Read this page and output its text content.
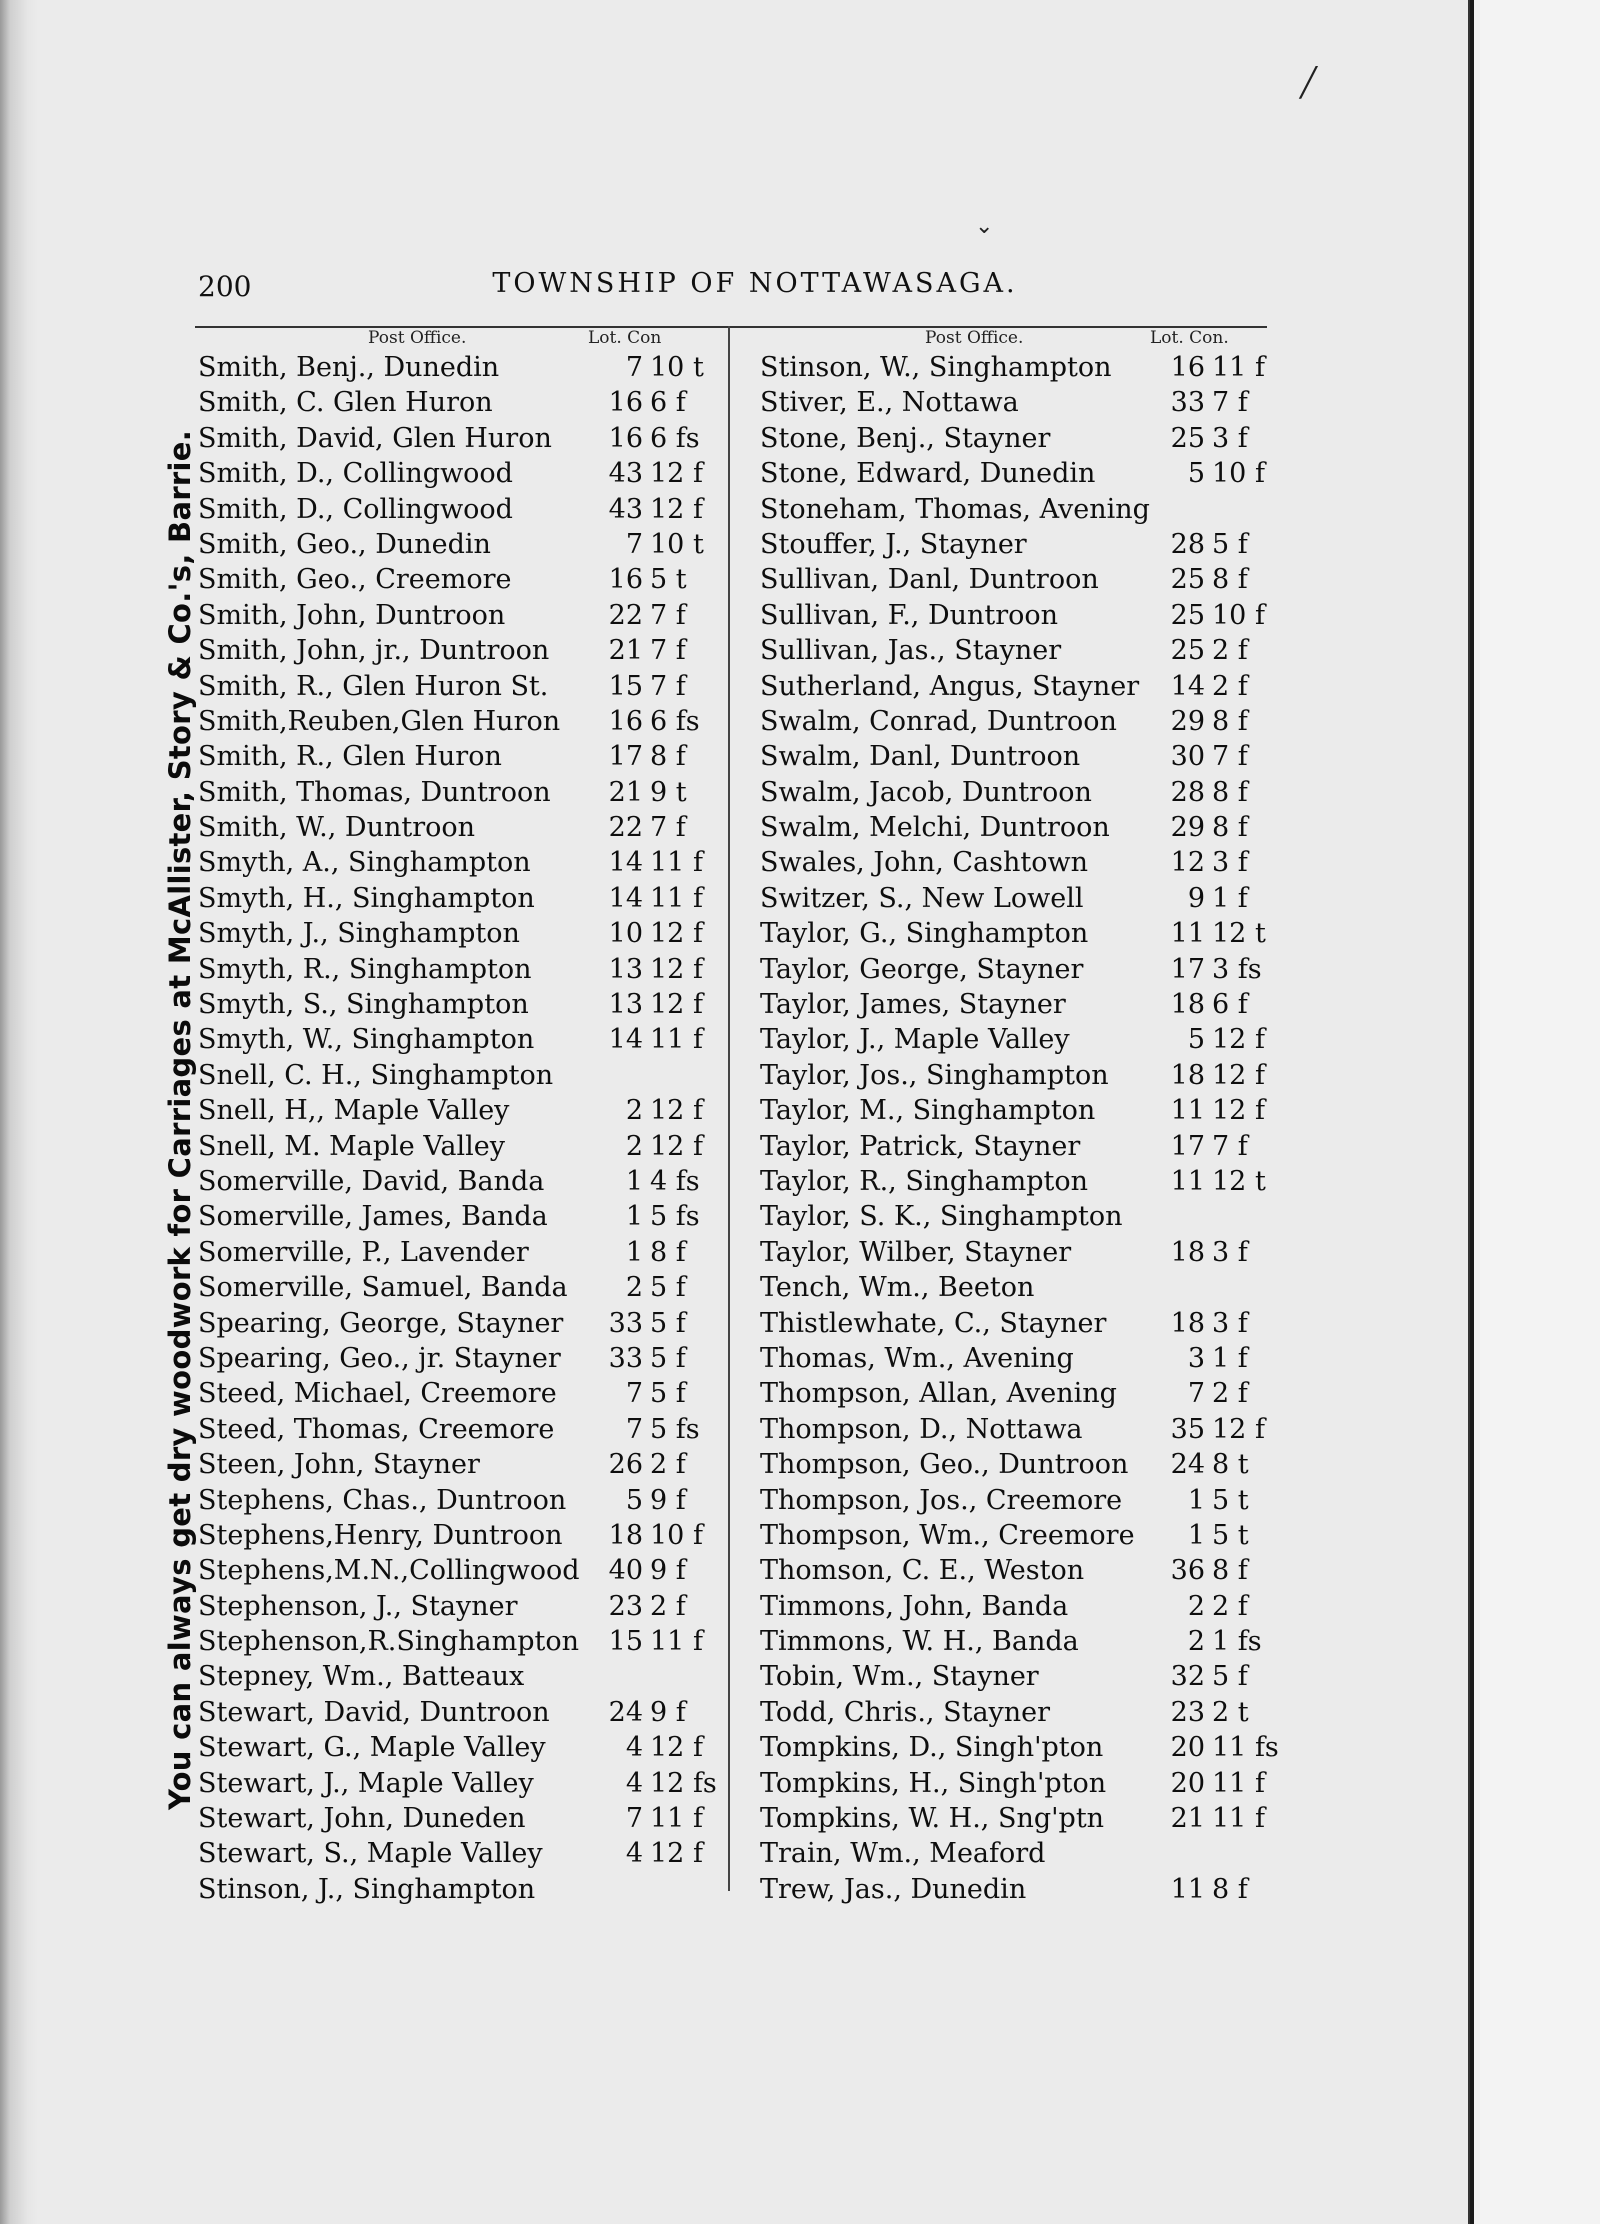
200	TOWNSHIP OF NOTTAWASAGA.
You can always get dry woodwork for Carriages at McAllister, Story & Co.'s, Barrie.
Post Office.	Lot. Con
Smith, Benj., Dunedin	7 10 t
Smith, C. Glen Huron	16 6 f
Smith, David, Glen Huron	16 6 fs
Smith, D., Collingwood	43 12 f
Smith, D., Collingwood	43 12 f
Smith, Geo., Dunedin	7 10 t
Smith, Geo., Creemore	16 5 t
Smith, John, Duntroon	22 7 f
Smith, John, jr., Duntroon	21 7 f
Smith, R., Glen Huron St.	15 7 f
Smith,Reuben,Glen Huron	16 6 fs
Smith, R., Glen Huron	17 8 f
Smith, Thomas, Duntroon	21 9 t
Smith, W., Duntroon	22 7 f
Smyth, A., Singhampton	14 11 f
Smyth, H., Singhampton	14 11 f
Smyth, J., Singhampton	10 12 f
Smyth, R., Singhampton	13 12 f
Smyth, S., Singhampton	13 12 f
Smyth, W., Singhampton	14 11 f
Snell, C. H., Singhampton
Snell, H,, Maple Valley	2 12 f
Snell, M. Maple Valley	2 12 f
Somerville, David, Banda	1 4 fs
Somerville, James, Banda	1 5 fs
Somerville, P., Lavender	1 8 f
Somerville, Samuel, Banda	2 5 f
Spearing, George, Stayner	33 5 f
Spearing, Geo., jr. Stayner	33 5 f
Steed, Michael, Creemore	7 5 f
Steed, Thomas, Creemore	7 5 fs
Steen, John, Stayner	26 2 f
Stephens, Chas., Duntroon	5 9 f
Stephens,Henry, Duntroon	18 10 f
Stephens,M.N.,Collingwood	40 9 f
Stephenson, J., Stayner	23 2 f
Stephenson,R.Singhampton	15 11 f
Stepney, Wm., Batteaux
Stewart, David, Duntroon	24 9 f
Stewart, G., Maple Valley	4 12 f
Stewart, J., Maple Valley	4 12 fs
Stewart, John, Duneden	7 11 f
Stewart, S., Maple Valley	4 12 f
Stinson, J., Singhampton
Post Office.	Lot. Con.
Stinson, W., Singhampton	16 11 f
Stiver, E., Nottawa	33 7 f
Stone, Benj., Stayner	25 3 f
Stone, Edward, Dunedin	5 10 f
Stoneham, Thomas, Avening
Stouffer, J., Stayner	28 5 f
Sullivan, Danl, Duntroon	25 8 f
Sullivan, F., Duntroon	25 10 f
Sullivan, Jas., Stayner	25 2 f
Sutherland, Angus, Stayner	14 2 f
Swalm, Conrad, Duntroon	29 8 f
Swalm, Danl, Duntroon	30 7 f
Swalm, Jacob, Duntroon	28 8 f
Swalm, Melchi, Duntroon	29 8 f
Swales, John, Cashtown	12 3 f
Switzer, S., New Lowell	9 1 f
Taylor, G., Singhampton	11 12 t
Taylor, George, Stayner	17 3 fs
Taylor, James, Stayner	18 6 f
Taylor, J., Maple Valley	5 12 f
Taylor, Jos., Singhampton	18 12 f
Taylor, M., Singhampton	11 12 f
Taylor, Patrick, Stayner	17 7 f
Taylor, R., Singhampton	11 12 t
Taylor, S. K., Singhampton
Taylor, Wilber, Stayner	18 3 f
Tench, Wm., Beeton
Thistlewhate, C., Stayner	18 3 f
Thomas, Wm., Avening	3 1 f
Thompson, Allan, Avening	7 2 f
Thompson, D., Nottawa	35 12 f
Thompson, Geo., Duntroon	24 8 t
Thompson, Jos., Creemore	1 5 t
Thompson, Wm., Creemore	1 5 t
Thomson, C. E., Weston	36 8 f
Timmons, John, Banda	2 2 f
Timmons, W. H., Banda	2 1 fs
Tobin, Wm., Stayner	32 5 f
Todd, Chris., Stayner	23 2 t
Tompkins, D., Singh'pton	20 11 fs
Tompkins, H., Singh'pton	20 11 f
Tompkins, W. H., Sng'ptn	21 11 f
Train, Wm., Meaford
Trew, Jas., Dunedin	11 8 f
╱
⌄
